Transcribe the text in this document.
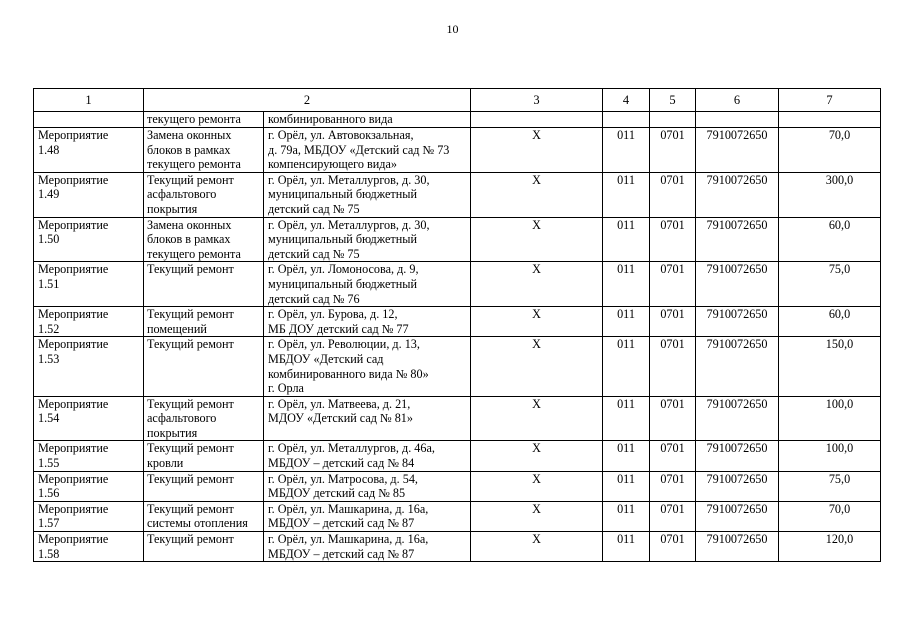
10
1	2		3	4	5	6	7
	текущего ремонта	комбинированного вида					
Мероприятие
1.48	Замена оконных
блоков в рамках
текущего ремонта	г. Орёл, ул. Автовокзальная,
д. 79а, МБДОУ «Детский сад № 73
компенсирующего вида»	X	011	0701	7910072650	70,0
Мероприятие
1.49	Текущий ремонт
асфальтового
покрытия	г. Орёл, ул. Металлургов, д. 30,
муниципальный бюджетный
детский сад № 75	X	011	0701	7910072650	300,0
Мероприятие
1.50	Замена оконных
блоков в рамках
текущего ремонта	г. Орёл, ул. Металлургов, д. 30,
муниципальный бюджетный
детский сад № 75	X	011	0701	7910072650	60,0
Мероприятие
1.51	Текущий ремонт	г. Орёл, ул. Ломоносова, д. 9,
муниципальный бюджетный
детский сад № 76	X	011	0701	7910072650	75,0
Мероприятие
1.52	Текущий ремонт
помещений	г. Орёл, ул. Бурова, д. 12,
МБ ДОУ детский сад № 77	X	011	0701	7910072650	60,0
Мероприятие
1.53	Текущий ремонт	г. Орёл, ул. Революции, д. 13,
МБДОУ «Детский сад
комбинированного вида № 80»
г. Орла	X	011	0701	7910072650	150,0
Мероприятие
1.54	Текущий ремонт
асфальтового
покрытия	г. Орёл, ул. Матвеева, д. 21,
МДОУ «Детский сад № 81»	X	011	0701	7910072650	100,0
Мероприятие
1.55	Текущий ремонт
кровли	г. Орёл, ул. Металлургов, д. 46а,
МБДОУ – детский сад № 84	X	011	0701	7910072650	100,0
Мероприятие
1.56	Текущий ремонт	г. Орёл, ул. Матросова, д. 54,
МБДОУ детский сад № 85	X	011	0701	7910072650	75,0
Мероприятие
1.57	Текущий ремонт
системы отопления	г. Орёл, ул. Машкарина, д. 16а,
МБДОУ – детский сад № 87	X	011	0701	7910072650	70,0
Мероприятие
1.58	Текущий ремонт	г. Орёл, ул. Машкарина, д. 16а,
МБДОУ – детский сад № 87	X	011	0701	7910072650	120,0
